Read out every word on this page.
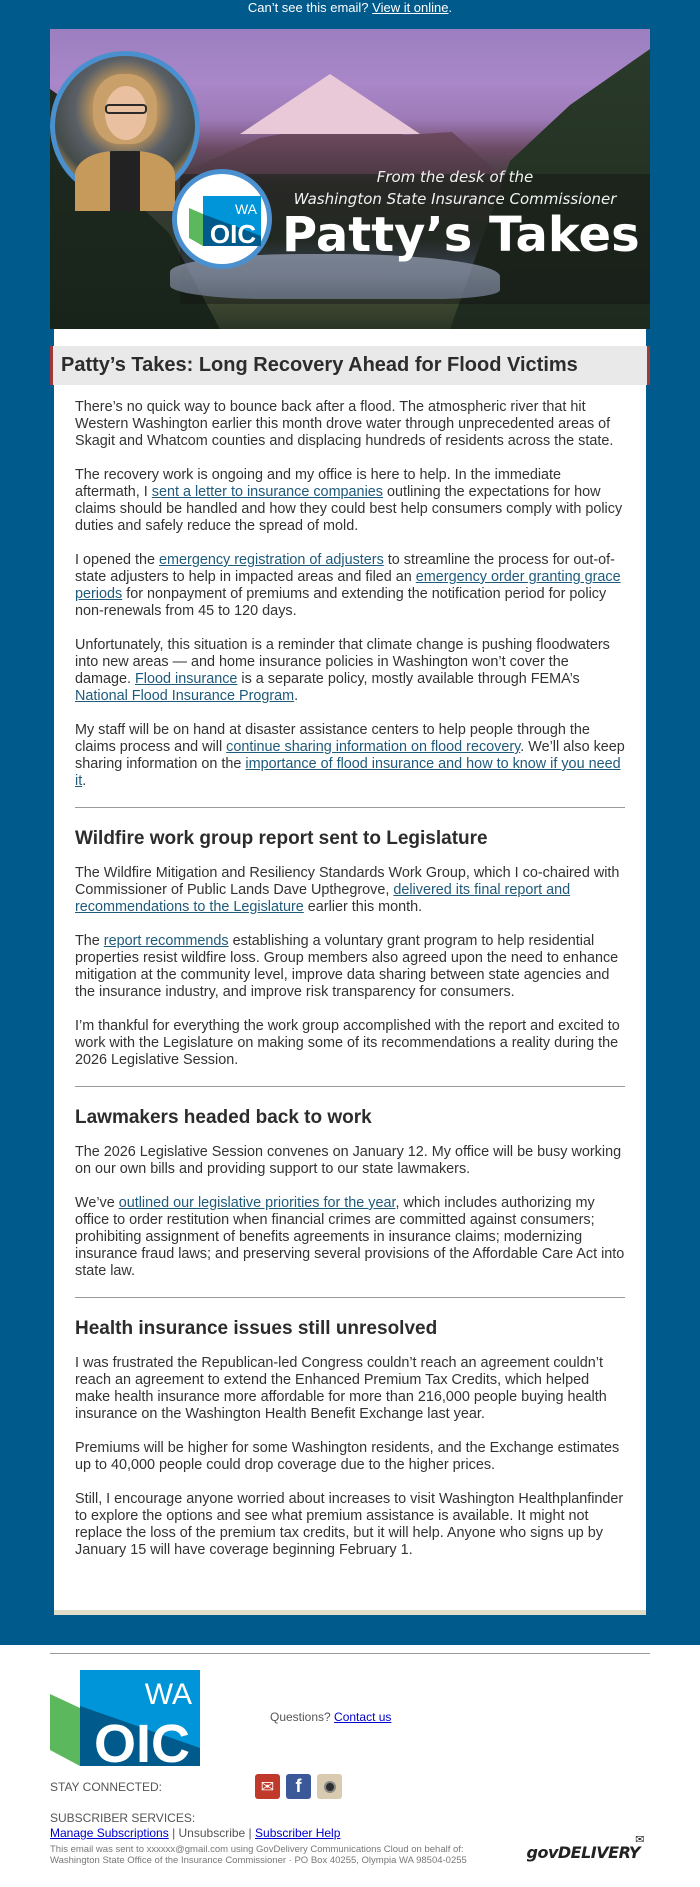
Can’t see this email? View it online.
WA
OIC
From the desk of the
Washington State Insurance Commissioner
Patty’s Takes
Patty’s Takes: Long Recovery Ahead for Flood Victims

There’s no quick way to bounce back after a flood. The atmospheric river that hit Western Washington earlier this month drove water through unprecedented areas of Skagit and Whatcom counties and displacing hundreds of residents across the state.

The recovery work is ongoing and my office is here to help. In the immediate aftermath, I sent a letter to insurance companies outlining the expectations for how claims should be handled and how they could best help consumers comply with policy duties and safely reduce the spread of mold.

I opened the emergency registration of adjusters to streamline the process for out-of-state adjusters to help in impacted areas and filed an emergency order granting grace periods for nonpayment of premiums and extending the notification period for policy non-renewals from 45 to 120 days.

Unfortunately, this situation is a reminder that climate change is pushing floodwaters into new areas — and home insurance policies in Washington won’t cover the damage. Flood insurance is a separate policy, mostly available through FEMA’s National Flood Insurance Program.

My staff will be on hand at disaster assistance centers to help people through the claims process and will continue sharing information on flood recovery. We’ll also keep sharing information on the importance of flood insurance and how to know if you need it.

Wildfire work group report sent to Legislature

The Wildfire Mitigation and Resiliency Standards Work Group, which I co-chaired with Commissioner of Public Lands Dave Upthegrove, delivered its final report and recommendations to the Legislature earlier this month.

The report recommends establishing a voluntary grant program to help residential properties resist wildfire loss. Group members also agreed upon the need to enhance mitigation at the community level, improve data sharing between state agencies and the insurance industry, and improve risk transparency for consumers.

I’m thankful for everything the work group accomplished with the report and excited to work with the Legislature on making some of its recommendations a reality during the 2026 Legislative Session.

Lawmakers headed back to work

The 2026 Legislative Session convenes on January 12. My office will be busy working on our own bills and providing support to our state lawmakers.

We’ve outlined our legislative priorities for the year, which includes authorizing my office to order restitution when financial crimes are committed against consumers; prohibiting assignment of benefits agreements in insurance claims; modernizing insurance fraud laws; and preserving several provisions of the Affordable Care Act into state law.

Health insurance issues still unresolved

I was frustrated the Republican-led Congress couldn’t reach an agreement couldn’t reach an agreement to extend the Enhanced Premium Tax Credits, which helped make health insurance more affordable for more than 216,000 people buying health insurance on the Washington Health Benefit Exchange last year.

Premiums will be higher for some Washington residents, and the Exchange estimates up to 40,000 people could drop coverage due to the higher prices.

Still, I encourage anyone worried about increases to visit Washington Healthplanfinder to explore the options and see what premium assistance is available. It might not replace the loss of the premium tax credits, but it will help. Anyone who signs up by January 15 will have coverage beginning February 1.

WA
OIC	Questions? Contact us
STAY CONNECTED:	✉	f
SUBSCRIBER SERVICES:
Manage Subscriptions | Unsubscribe | Subscriber Help
This email was sent to xxxxxx@gmail.com using GovDelivery Communications Cloud on behalf of:
Washington State Office of the Insurance Commissioner · PO Box 40255, Olympia WA 98504-0255	govDELIVERY
✉
